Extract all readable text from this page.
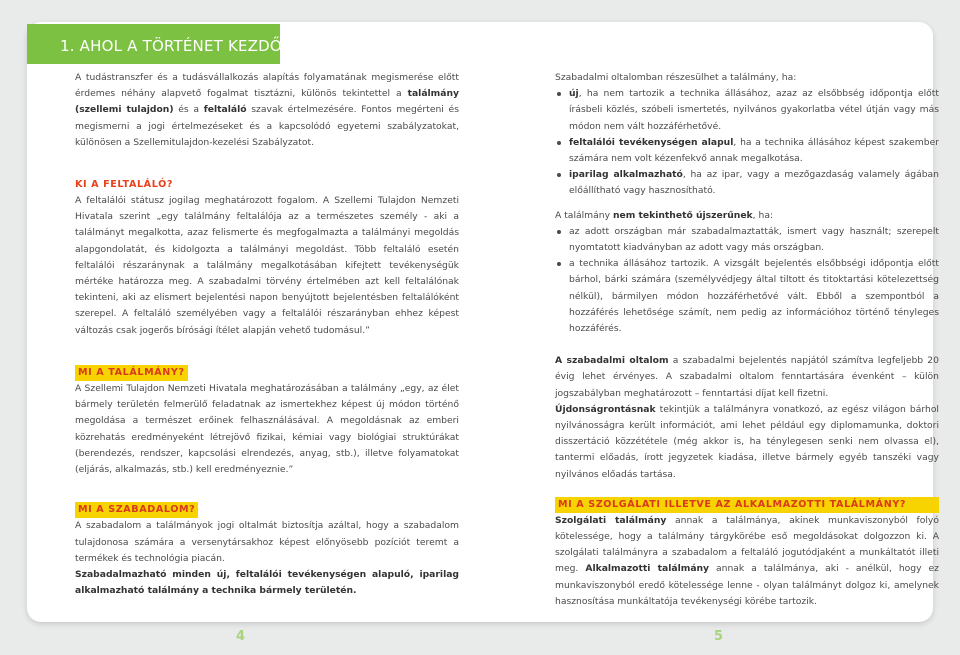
1. AHOL A TÖRTÉNET KEZDŐDIK:

A tudástranszfer és a tudásvállalkozás alapítás folyamatának megismerése előtt érdemes néhány alapvető fogalmat tisztázni, különös tekintettel a találmány (szellemi tulajdon) és a feltaláló szavak értelmezésére. Fontos megérteni és megismerni a jogi értelmezéseket és a kapcsolódó egyetemi szabályzatokat, különösen a Szellemitulajdon-kezelési Szabályzatot.

KI A FELTALÁLÓ?

A feltalálói státusz jogilag meghatározott fogalom. A Szellemi Tulajdon Nemzeti Hivatala szerint „egy találmány feltalálója az a természetes személy - aki a találmányt megalkotta, azaz felismerte és megfogalmazta a találmányi megoldás alapgondolatát, és kidolgozta a találmányi megoldást. Több feltaláló esetén feltalálói részaránynak a találmány megalkotásában kifejtett tevékenységük mértéke határozza meg. A szabadalmi törvény értelmében azt kell feltalálónak tekinteni, aki az elismert bejelentési napon benyújtott bejelentésben feltalálóként szerepel. A feltaláló személyében vagy a feltalálói részarányban ehhez képest változás csak jogerős bírósági ítélet alapján vehető tudomásul.”

MI A TALÁLMÁNY?

A Szellemi Tulajdon Nemzeti Hivatala meghatározásában a találmány „egy, az élet bármely területén felmerülő feladatnak az ismertekhez képest új módon történő megoldása a természet erőinek felhasználásával. A megoldásnak az emberi közrehatás eredményeként létrejövő fizikai, kémiai vagy biológiai struktúrákat (berendezés, rendszer, kapcsolási elrendezés, anyag, stb.), illetve folyamatokat (eljárás, alkalmazás, stb.) kell eredményeznie.”

MI A SZABADALOM?

A szabadalom a találmányok jogi oltalmát biztosítja azáltal, hogy a szabadalom tulajdonosa számára a versenytársakhoz képest előnyösebb pozíciót teremt a termékek és technológia piacán.

Szabadalmazható minden új, feltalálói tevékenységen alapuló, iparilag alkalmazható találmány a technika bármely területén.

Szabadalmi oltalomban részesülhet a találmány, ha:

új, ha nem tartozik a technika állásához, azaz az elsőbbség időpontja előtt írásbeli közlés, szóbeli ismertetés, nyilvános gyakorlatba vétel útján vagy más módon nem vált hozzáférhetővé.
feltalálói tevékenységen alapul, ha a technika állásához képest szakember számára nem volt kézenfekvő annak megalkotása.
iparilag alkalmazható, ha az ipar, vagy a mezőgazdaság valamely ágában előállítható vagy hasznosítható.

A találmány nem tekinthető újszerűnek, ha:

az adott országban már szabadalmaztatták, ismert vagy használt; szerepelt nyomtatott kiadványban az adott vagy más országban.
a technika állásához tartozik. A vizsgált bejelentés elsőbbségi időpontja előtt bárhol, bárki számára (személyvédjegy által tiltott és titoktartási kötelezettség nélkül), bármilyen módon hozzáférhetővé vált. Ebből a szempontból a hozzáférés lehetősége számít, nem pedig az információhoz történő tényleges hozzáférés.

A szabadalmi oltalom a szabadalmi bejelentés napjától számítva legfeljebb 20 évig lehet érvényes. A szabadalmi oltalom fenntartására évenként – külön jogszabályban meghatározott – fenntartási díjat kell fizetni.

Újdonságrontásnak tekintjük a találmányra vonatkozó, az egész világon bárhol nyilvánosságra került információt, ami lehet például egy diplomamunka, doktori disszertáció közzététele (még akkor is, ha ténylegesen senki nem olvassa el), tantermi előadás, írott jegyzetek kiadása, illetve bármely egyéb tanszéki vagy nyilvános előadás tartása.

MI A SZOLGÁLATI ILLETVE AZ ALKALMAZOTTI TALÁLMÁNY?

Szolgálati találmány annak a találmánya, akinek munkaviszonyból folyó kötelessége, hogy a találmány tárgykörébe eső megoldásokat dolgozzon ki. A szolgálati találmányra a szabadalom a feltaláló jogutódjaként a munkáltatót illeti meg. Alkalmazotti találmány annak a találmánya, aki - anélkül, hogy ez munkaviszonyból eredő kötelessége lenne - olyan találmányt dolgoz ki, amelynek hasznosítása munkáltatója tevékenységi körébe tartozik.

4	5
